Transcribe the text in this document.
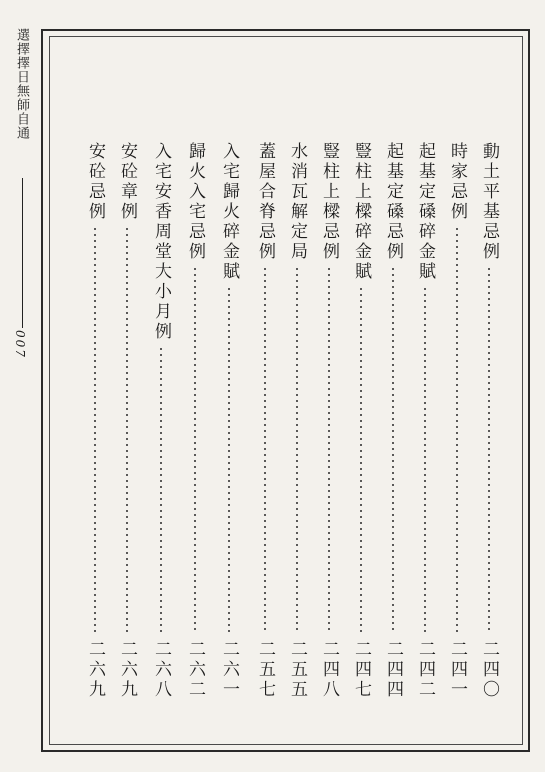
選擇擇日無師自通
007
動土平基忌例
二四〇
時家忌例
二四一
起基定磉碎金賦
二四二
起基定磉忌例
二四四
豎柱上樑碎金賦
二四七
豎柱上樑忌例
二四八
水消瓦解定局
二五五
蓋屋合脊忌例
二五七
入宅歸火碎金賦
二六一
歸火入宅忌例
二六二
入宅安香周堂大小月例
二六八
安砼章例
二六九
安砼忌例
二六九
